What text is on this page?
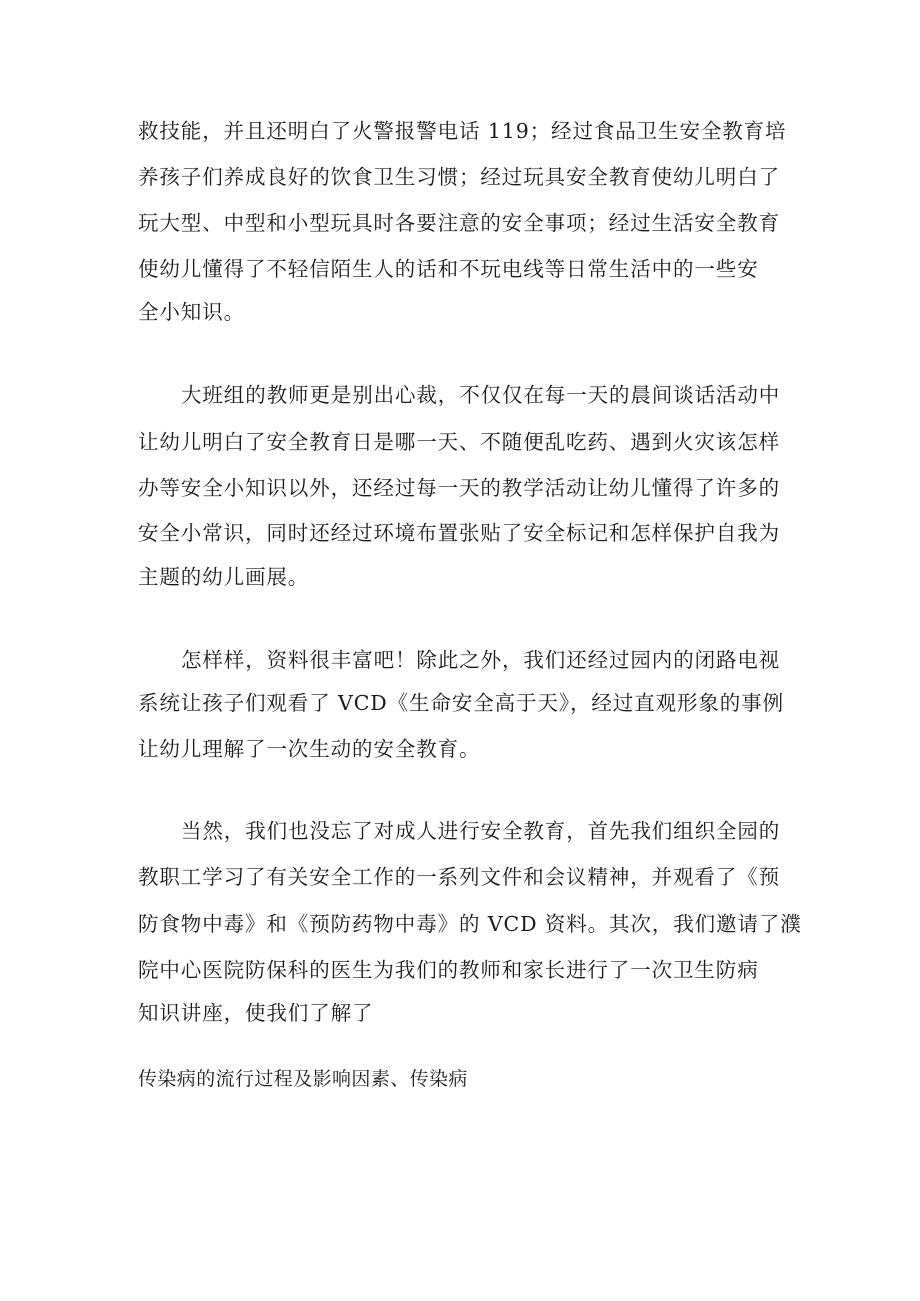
救技能，并且还明白了火警报警电话 119；经过食品卫生安全教育培

养孩子们养成良好的饮食卫生习惯；经过玩具安全教育使幼儿明白了

玩大型、中型和小型玩具时各要注意的安全事项；经过生活安全教育

使幼儿懂得了不轻信陌生人的话和不玩电线等日常生活中的一些安

全小知识。

大班组的教师更是别出心裁，不仅仅在每一天的晨间谈话活动中

让幼儿明白了安全教育日是哪一天、不随便乱吃药、遇到火灾该怎样

办等安全小知识以外，还经过每一天的教学活动让幼儿懂得了许多的

安全小常识，同时还经过环境布置张贴了安全标记和怎样保护自我为

主题的幼儿画展。

怎样样，资料很丰富吧！除此之外，我们还经过园内的闭路电视

系统让孩子们观看了 VCD《生命安全高于天》，经过直观形象的事例

让幼儿理解了一次生动的安全教育。

当然，我们也没忘了对成人进行安全教育，首先我们组织全园的

教职工学习了有关安全工作的一系列文件和会议精神，并观看了《预

防食物中毒》和《预防药物中毒》的 VCD 资料。其次，我们邀请了濮

院中心医院防保科的医生为我们的教师和家长进行了一次卫生防病

知识讲座，使我们了解了

传染病的流行过程及影响因素、传染病
